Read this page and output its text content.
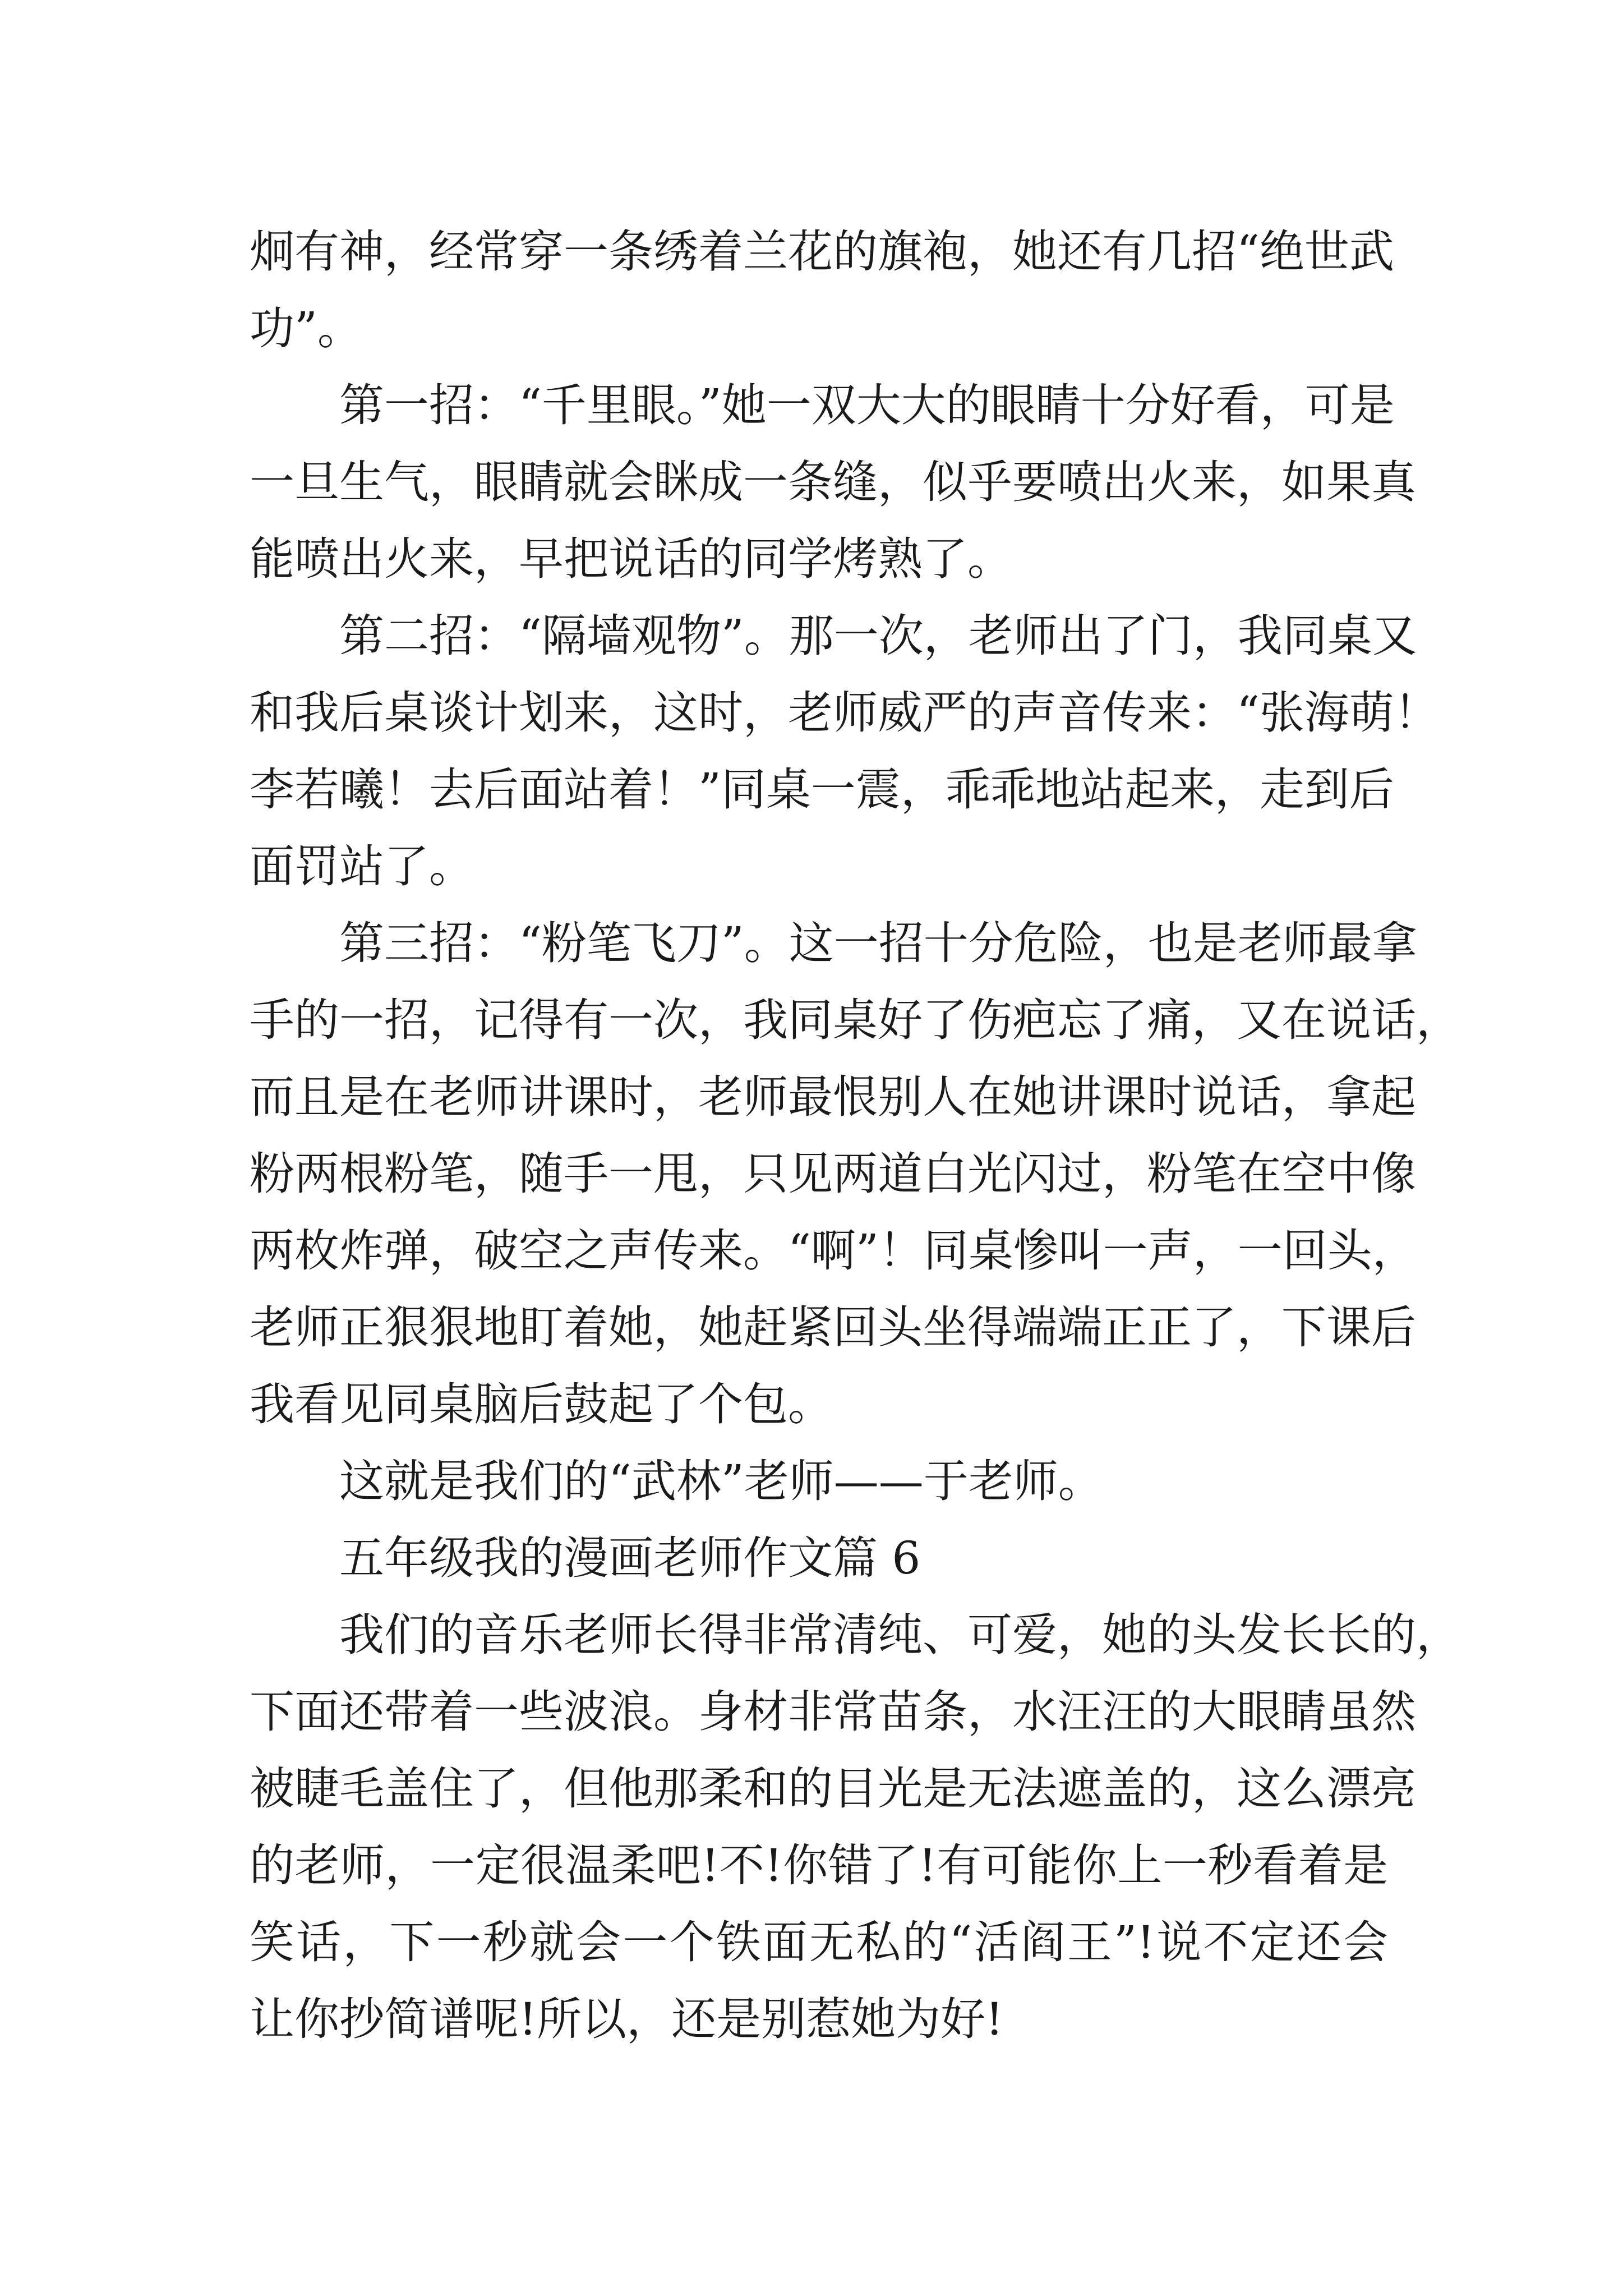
炯有神，经常穿一条绣着兰花的旗袍，她还有几招“绝世武
功”。
第一招：“千里眼。”她一双大大的眼睛十分好看，可是
一旦生气，眼睛就会眯成一条缝，似乎要喷出火来，如果真
能喷出火来，早把说话的同学烤熟了。
第二招：“隔墙观物”。那一次，老师出了门，我同桌又
和我后桌谈计划来，这时，老师威严的声音传来：“张海萌！
李若曦！去后面站着！”同桌一震，乖乖地站起来，走到后
面罚站了。
第三招：“粉笔飞刀”。这一招十分危险，也是老师最拿
手的一招，记得有一次，我同桌好了伤疤忘了痛，又在说话，
而且是在老师讲课时，老师最恨别人在她讲课时说话，拿起
粉两根粉笔，随手一甩，只见两道白光闪过，粉笔在空中像
两枚炸弹，破空之声传来。“啊”！同桌惨叫一声，一回头，
老师正狠狠地盯着她，她赶紧回头坐得端端正正了，下课后
我看见同桌脑后鼓起了个包。
这就是我们的“武林”老师——于老师。
五年级我的漫画老师作文篇 6
我们的音乐老师长得非常清纯、可爱，她的头发长长的，
下面还带着一些波浪。身材非常苗条，水汪汪的大眼睛虽然
被睫毛盖住了，但他那柔和的目光是无法遮盖的，这么漂亮
的老师，一定很温柔吧!不!你错了!有可能你上一秒看着是
笑话，下一秒就会一个铁面无私的“活阎王”!说不定还会
让你抄简谱呢!所以，还是别惹她为好!
